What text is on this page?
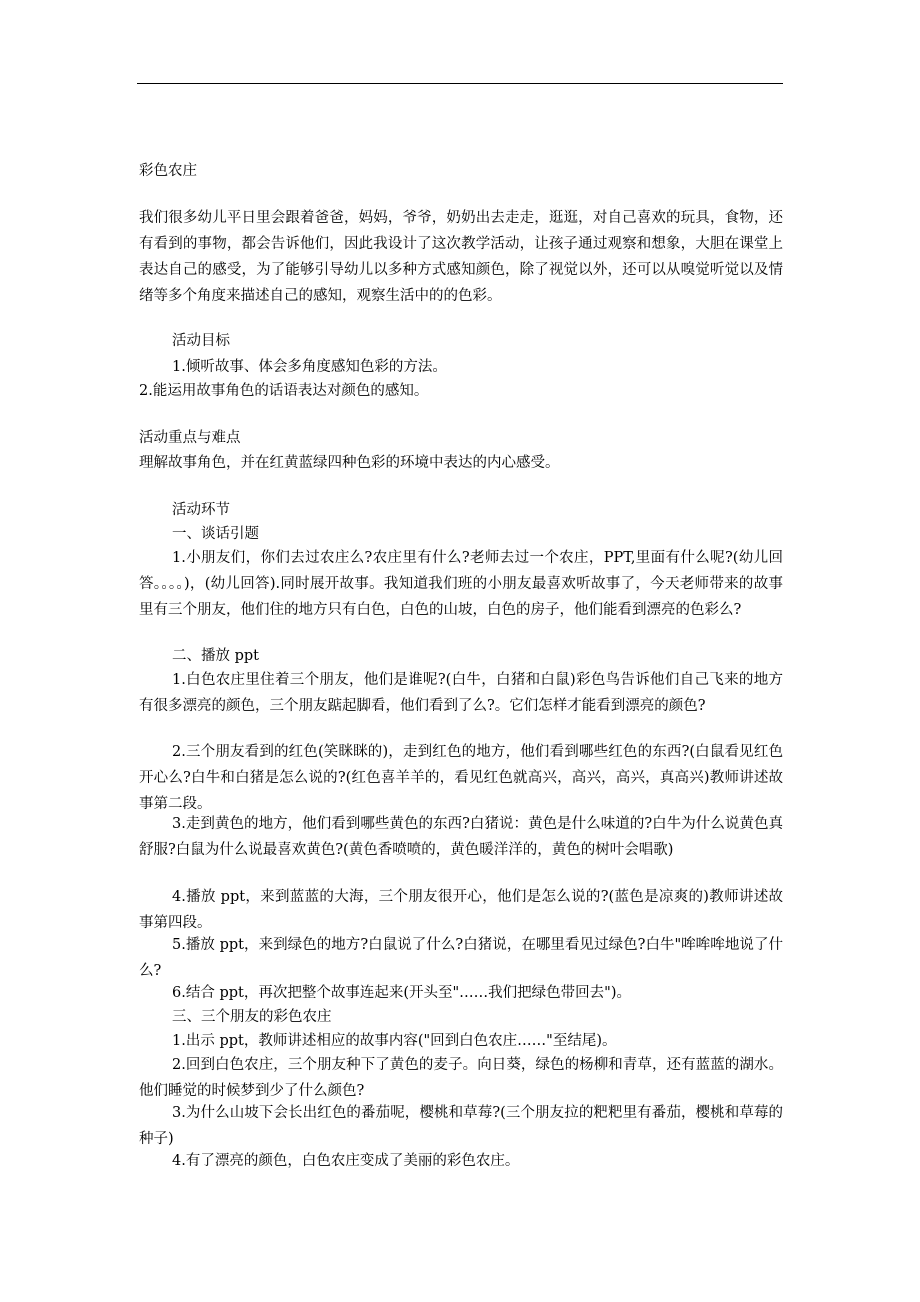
彩色农庄

我们很多幼儿平日里会跟着爸爸，妈妈，爷爷，奶奶出去走走，逛逛，对自己喜欢的玩具，食物，还有看到的事物，都会告诉他们，因此我设计了这次教学活动，让孩子通过观察和想象，大胆在课堂上表达自己的感受，为了能够引导幼儿以多种方式感知颜色，除了视觉以外，还可以从嗅觉听觉以及情绪等多个角度来描述自己的感知，观察生活中的的色彩。

活动目标

1.倾听故事、体会多角度感知色彩的方法。

2.能运用故事角色的话语表达对颜色的感知。

活动重点与难点

理解故事角色，并在红黄蓝绿四种色彩的环境中表达的内心感受。

活动环节

一、谈话引题

1.小朋友们，你们去过农庄么?农庄里有什么?老师去过一个农庄，PPT,里面有什么呢?(幼儿回答。。。。)，(幼儿回答).同时展开故事。我知道我们班的小朋友最喜欢听故事了，今天老师带来的故事里有三个朋友，他们住的地方只有白色，白色的山坡，白色的房子，他们能看到漂亮的色彩么?

二、播放 ppt

1.白色农庄里住着三个朋友，他们是谁呢?(白牛，白猪和白鼠)彩色鸟告诉他们自己飞来的地方有很多漂亮的颜色，三个朋友踮起脚看，他们看到了么?。它们怎样才能看到漂亮的颜色?

2.三个朋友看到的红色(笑眯眯的)，走到红色的地方，他们看到哪些红色的东西?(白鼠看见红色开心么?白牛和白猪是怎么说的?(红色喜羊羊的，看见红色就高兴，高兴，高兴，真高兴)教师讲述故事第二段。

3.走到黄色的地方，他们看到哪些黄色的东西?白猪说：黄色是什么味道的?白牛为什么说黄色真舒服?白鼠为什么说最喜欢黄色?(黄色香喷喷的，黄色暖洋洋的，黄色的树叶会唱歌)

4.播放 ppt，来到蓝蓝的大海，三个朋友很开心，他们是怎么说的?(蓝色是凉爽的)教师讲述故事第四段。

5.播放 ppt，来到绿色的地方?白鼠说了什么?白猪说，在哪里看见过绿色?白牛"哞哞哞地说了什么?

6.结合 ppt，再次把整个故事连起来(开头至"……我们把绿色带回去")。

三、三个朋友的彩色农庄

1.出示 ppt，教师讲述相应的故事内容("回到白色农庄……"至结尾)。

2.回到白色农庄，三个朋友种下了黄色的麦子。向日葵，绿色的杨柳和青草，还有蓝蓝的湖水。他们睡觉的时候梦到少了什么颜色?

3.为什么山坡下会长出红色的番茄呢，樱桃和草莓?(三个朋友拉的粑粑里有番茄，樱桃和草莓的种子)

4.有了漂亮的颜色，白色农庄变成了美丽的彩色农庄。
